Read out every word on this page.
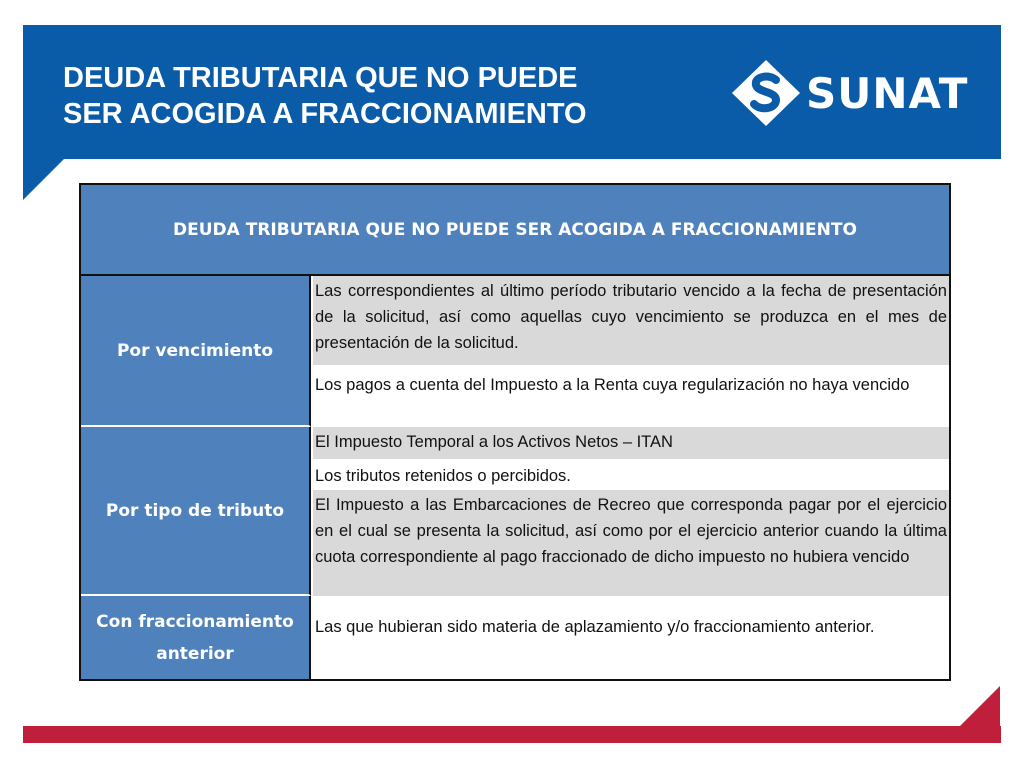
DEUDA TRIBUTARIA QUE NO PUEDE
SER ACOGIDA A FRACCIONAMIENTO	SUNAT
DEUDA TRIBUTARIA QUE NO PUEDE SER ACOGIDA A FRACCIONAMIENTO
Por vencimiento
Las correspondientes al último período tributario vencido a la fecha de presentación de la solicitud, así como aquellas cuyo vencimiento se produzca en el mes de presentación de la solicitud.
Los pagos a cuenta del Impuesto a la Renta cuya regularización no haya vencido
Por tipo de tributo
El Impuesto Temporal a los Activos Netos – ITAN
Los tributos retenidos o percibidos.
El Impuesto a las Embarcaciones de Recreo que corresponda pagar por el ejercicio en el cual se presenta la solicitud, así como por el ejercicio anterior cuando la última cuota correspondiente al pago fraccionado de dicho impuesto no hubiera vencido
Con fraccionamiento
anterior
Las que hubieran sido materia de aplazamiento y/o fraccionamiento anterior.
